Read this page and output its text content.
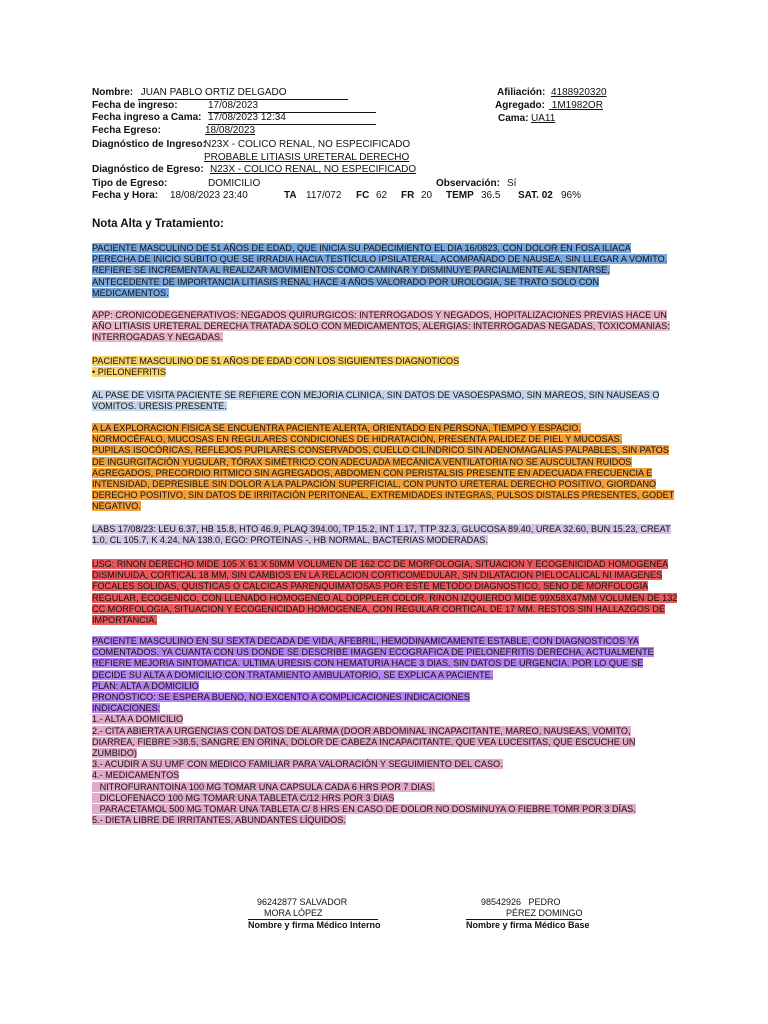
Nombre: JUAN PABLO ORTIZ DELGADO	Afiliación: 4188920320
Fecha de ingreso:	17/08/2023	Agregado: 1M1982OR
Fecha ingreso a Cama: 17/08/2023 12:34	Cama: UA11
Fecha Egreso:	18/08/2023
Diagnóstico de Ingreso:
N23X - COLICO RENAL, NO ESPECIFICADO
PROBABLE LITIASIS URETERAL DERECHO
Diagnóstico de Egreso: N23X - COLICO RENAL, NO ESPECIFICADO
Tipo de Egreso:	DOMICILIO	Observación: Sí
Fecha y Hora: 18/08/2023 23:40	TA 117/072 FC 62 FR 20 TEMP 36.5 SAT. 02 96%
Nota Alta y Tratamiento:
PACIENTE MASCULINO DE 51 AÑOS DE EDAD, QUE INICIA SU PADECIMIENTO EL DIA 16/0823, CON DOLOR EN FOSA ILIACA
PERECHA DE INICIO SÚBITO QUE SE IRRADIA HACIA TESTÍCULO IPSILATERAL, ACOMPAÑADO DE NAUSEA, SIN LLEGAR A VOMITO.
REFIERE SE INCREMENTA AL REALIZAR MOVIMIENTOS COMO CAMINAR Y DISMINUYE PARCIALMENTE AL SENTARSE.
ANTECEDENTE DE IMPORTANCIA LITIASIS RENAL HACE 4 AÑOS VALORADO POR UROLOGIA, SE TRATO SOLO CON
MEDICAMENTOS.
APP: CRONICODEGENERATIVOS: NEGADOS QUIRURGICOS: INTERROGADOS Y NEGADOS, HOPITALIZACIONES PREVIAS HACE UN
AÑO LITIASIS URETERAL DERECHA TRATADA SOLO CON MEDICAMENTOS, ALERGIAS: INTERROGADAS NEGADAS, TOXICOMANIAS:
INTERROGADAS Y NEGADAS.
PACIENTE MASCULINO DE 51 AÑOS DE EDAD CON LOS SIGUIENTES DIAGNOTICOS
• PIELONEFRITIS
AL PASE DE VISITA PACIENTE SE REFIERE CON MEJORIA CLINICA, SIN DATOS DE VASOESPASMO, SIN MAREOS, SIN NAUSEAS O
VOMITOS. URESIS PRESENTE.
A LA EXPLORACION FISICA SE ENCUENTRA PACIENTE ALERTA, ORIENTADO EN PERSONA, TIEMPO Y ESPACIO.
NORMOCÉFALO, MUCOSAS EN REGULARES CONDICIONES DE HIDRATACIÓN, PRESENTA PALIDEZ DE PIEL Y MUCOSAS.
PUPILAS ISOCÓRICAS, REFLEJOS PUPILARES CONSERVADOS, CUELLO CILÍNDRICO SIN ADENOMAGALIAS PALPABLES, SIN PATOS
DE INGURGITACIÓN YUGULAR, TÓRAX SIMÉTRICO CON ADECUADA MECÁNICA VENTILATORIA NO SE AUSCULTAN RUIDOS
AGREGADOS, PRECORDIO RITMICO SIN AGREGADOS, ABDOMEN CON PERISTALSIS PRESENTE EN ADECUADA FRECUENCIA E
INTENSIDAD, DEPRESIBLE SIN DOLOR A LA PALPACIÓN SUPERFICIAL, CON PUNTO URETERAL DERECHO POSITIVO, GIORDANO
DERECHO POSITIVO, SIN DATOS DE IRRITACIÓN PERITONEAL, EXTREMIDADES INTEGRAS, PULSOS DISTALES PRESENTES, GODET
NEGATIVO.
LABS 17/08/23: LEU 6.37, HB 15.8, HTO 46.9, PLAQ 394.00, TP 15.2, INT 1.17, TTP 32.3, GLUCOSA 89.40, UREA 32.60, BUN 15.23, CREAT
1.0, CL 105.7, K 4.24, NA 138.0, EGO: PROTEINAS -, HB NORMAL, BACTERIAS MODERADAS.
USG: RINON DERECHO MIDE 105 X 61 X 50MM VOLUMEN DE 162 CC DE MORFOLOGIA, SITUACION Y ECOGENICIDAD HOMOGENEA
DISMINUIDA, CORTICAL 18 MM, SIN CAMBIOS EN LA RELACION CORTICOMEDULAR, SIN DILATACION PIELOCALICAL NI IMAGENES
FOCALES SOLIDAS, QUISTICAS O CALCICAS PARENQUIMATOSAS POR ESTE METODO DIAGNOSTICO, SENO DE MORFOLOGIA
REGULAR, ECOGENICO, CON LLENADO HOMOGENEO AL DOPPLER COLOR. RINON IZQUIERDO MIDE 99X58X47MM VOLUMEN DE 132
CC MORFOLOGIA, SITUACION Y ECOGENICIDAD HOMOGENEA, CON REGULAR CORTICAL DE 17 MM. RESTOS SIN HALLAZGOS DE
IMPORTANCIA.
PACIENTE MASCULINO EN SU SEXTA DECADA DE VIDA, AFEBRIL, HEMODINAMICAMENTE ESTABLE, CON DIAGNOSTICOS YA
COMENTADOS. YA CUANTA CON US DONDE SE DESCRIBE IMAGEN ECOGRAFICA DE PIELONEFRITIS DERECHA, ACTUALMENTE
REFIERE MEJORIA SINTOMATICA. ULTIMA URESIS CON HEMATURIA HACE 3 DIAS, SIN DATOS DE URGENCIA. POR LO QUE SE
DECIDE SU ALTA A DOMICILIO CON TRATAMIENTO AMBULATORIO, SE EXPLICA A PACIENTE.
PLAN: ALTA A DOMICILIO
PRONÓSTICO: SE ESPERA BUENO, NO EXCENTO A COMPLICACIONES INDICACIONES
INDICACIONES:
1.- ALTA A DOMICILIO
2.- CITA ABIERTA A URGENCIAS CON DATOS DE ALARMA (DOOR ABDOMINAL INCAPACITANTE, MAREO, NAUSEAS, VOMITO,
DIARREA, FIEBRE >38.5, SANGRE EN ORINA, DOLOR DE CABEZA INCAPACITANTE, QUE VEA LUCESITAS, QUE ESCUCHE UN
ZUMBIDO)
3.- ACUDIR A SU UMF CON MEDICO FAMILIAR PARA VALORACIÓN Y SEGUIMIENTO DEL CASO.
4.- MEDICAMENTOS
NITROFURANTOINA 100 MG TOMAR UNA CAPSULA CADA 6 HRS POR 7 DIAS.
DICLOFENACO 100 MG TOMAR UNA TABLETA C/12 HRS POR 3 DIAS
PARACETAMOL 500 MG TOMAR UNA TABLETA C/ 8 HRS EN CASO DE DOLOR NO DOSMINUYA O FIEBRE TOMR POR 3 DÍAS.
5.- DIETA LIBRE DE IRRITANTES, ABUNDANTES LÍQUIDOS.
96242877 SALVADOR
MORA LÓPEZ
Nombre y firma Médico Interno
98542926   PEDRO
PÉREZ DOMINGO
Nombre y firma Médico Base
